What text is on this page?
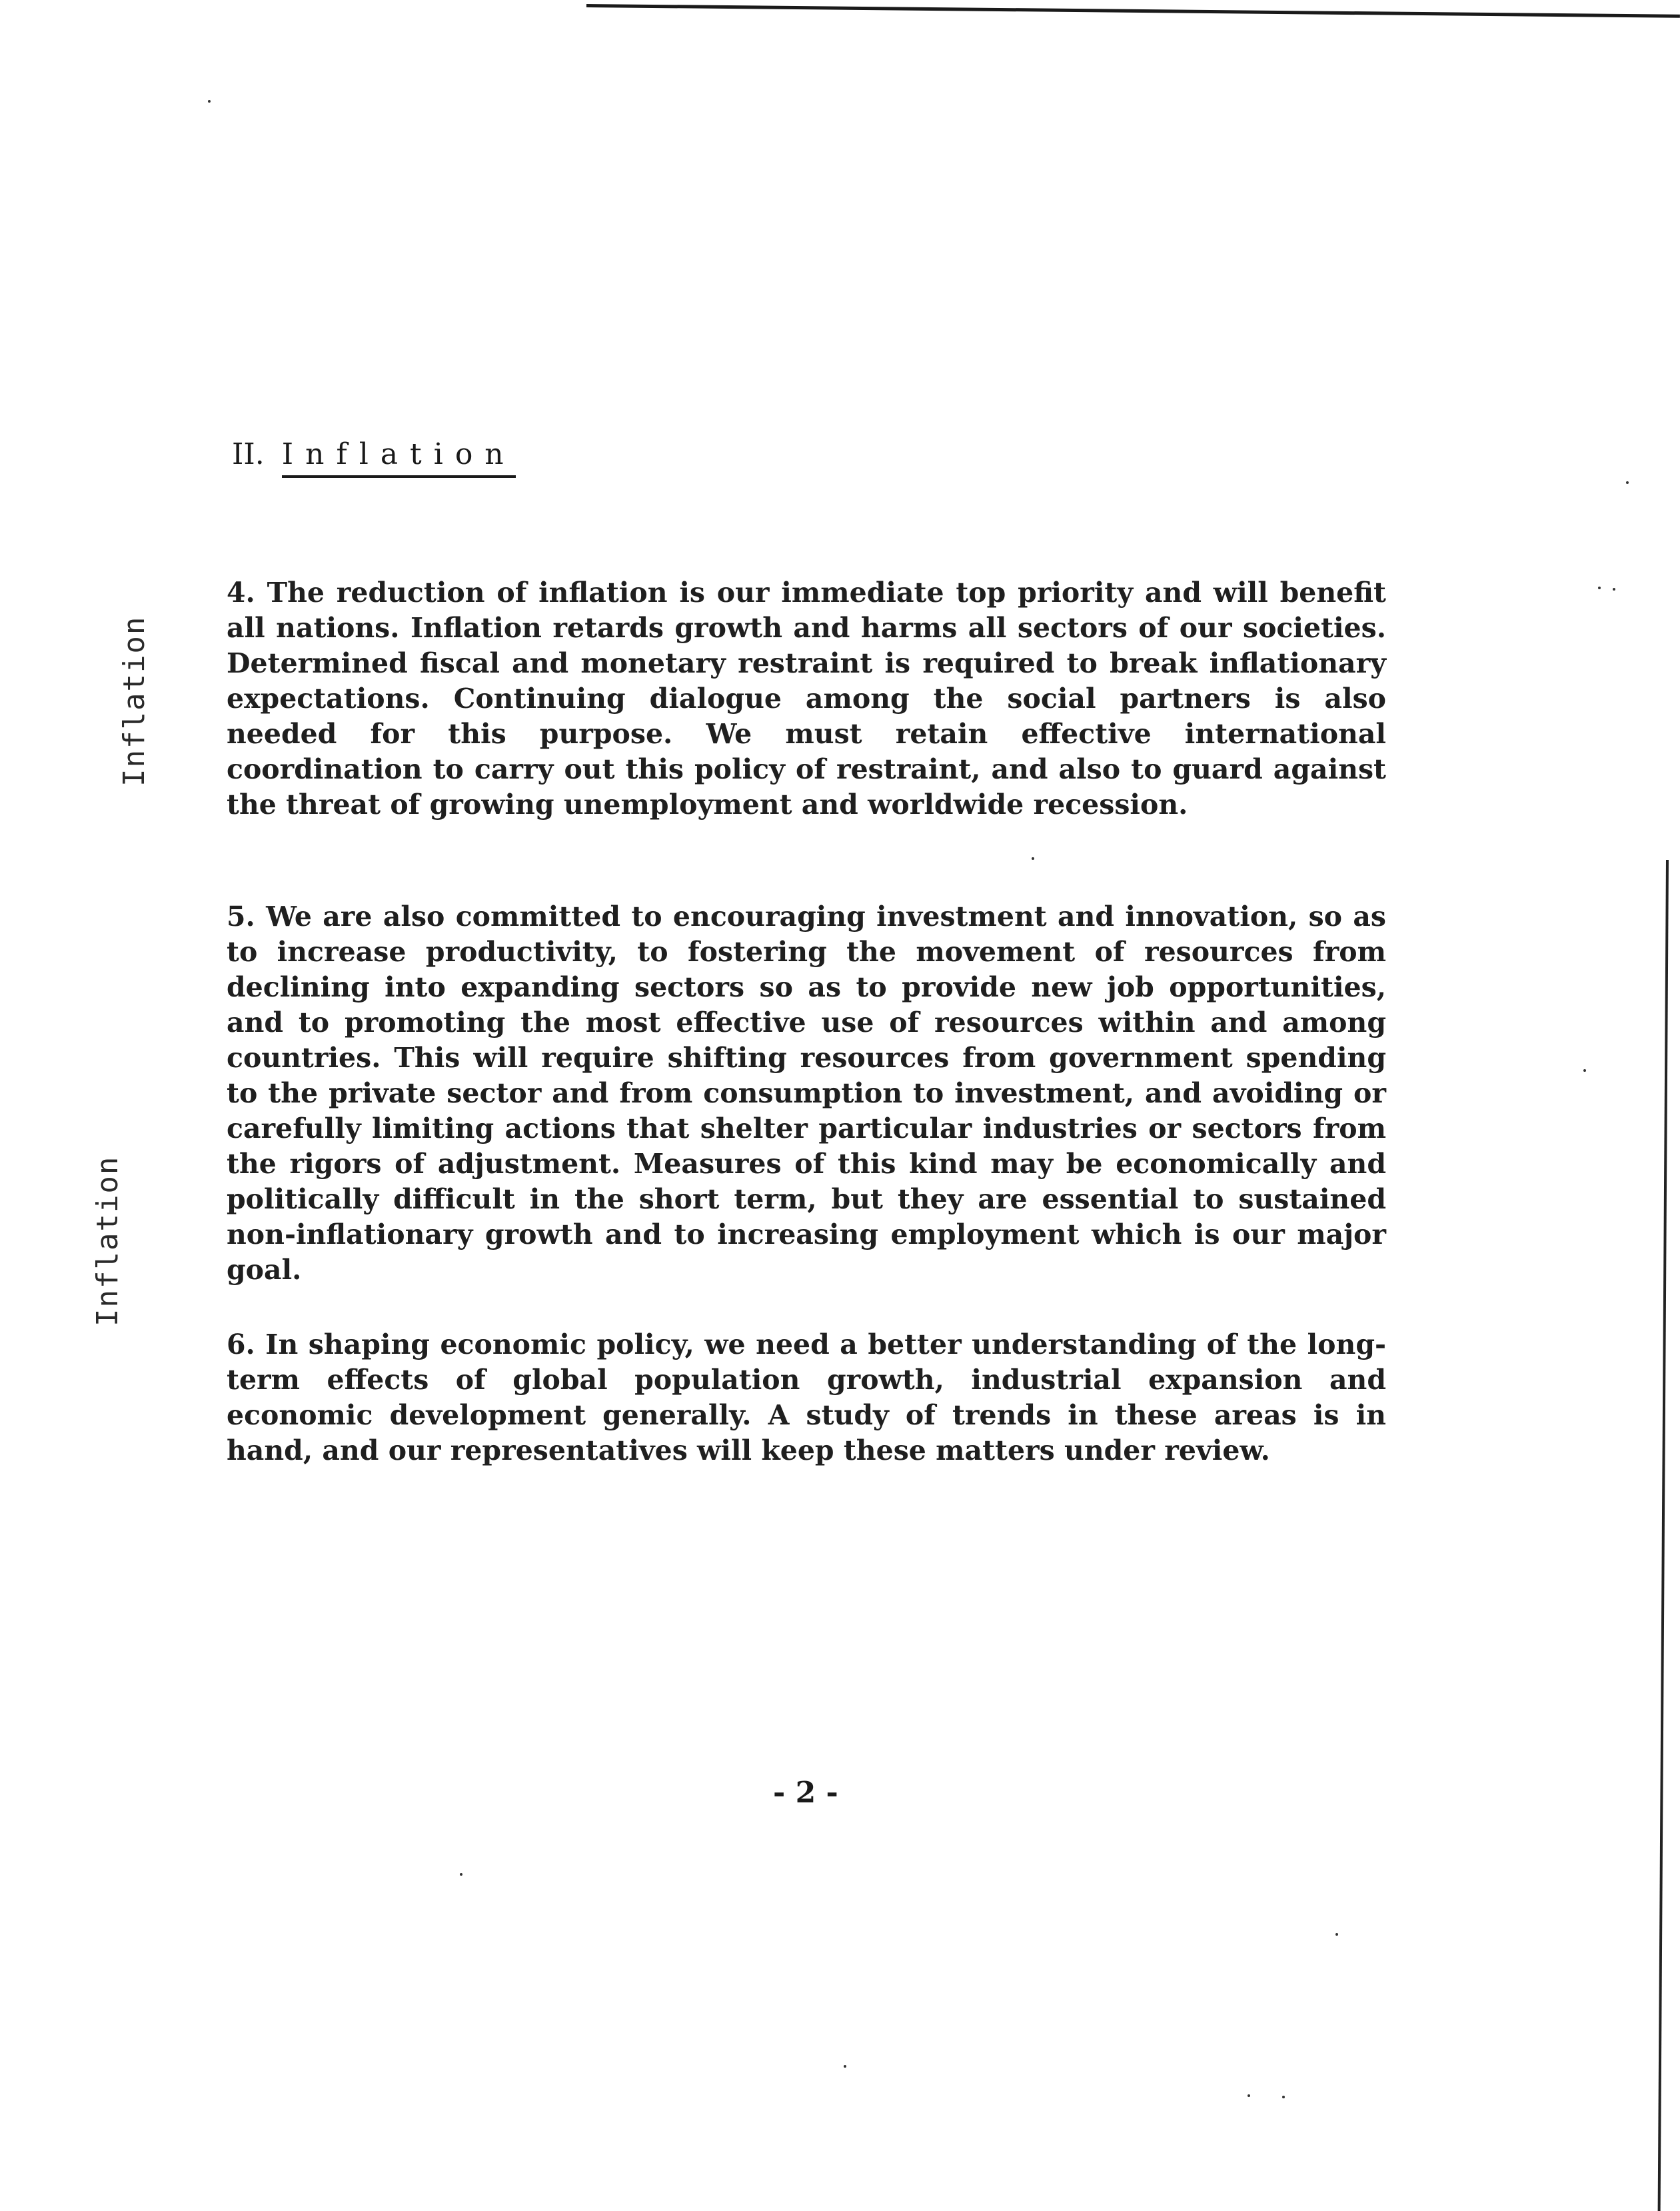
Inflation
Inflation
II. Inflation

4. The reduction of inflation is our immediate top priority and will benefit all nations. Inflation retards growth and harms all sectors of our societies. Determined fiscal and monetary restraint is required to break inflationary expectations. Continuing dialogue among the social partners is also needed for this purpose. We must retain effective international coordination to carry out this policy of restraint, and also to guard against the threat of growing unemployment and worldwide recession.

5. We are also committed to encouraging investment and innovation, so as to increase productivity, to fostering the movement of resources from declining into expanding sectors so as to provide new job opportunities, and to promoting the most effective use of resources within and among countries. This will require shifting resources from government spending to the private sector and from consumption to investment, and avoiding or carefully limiting actions that shelter particular industries or sectors from the rigors of adjustment. Measures of this kind may be economically and politically difficult in the short term, but they are essential to sustained non-inflationary growth and to increasing employment which is our major goal.

6. In shaping economic policy, we need a better understanding of the long-term effects of global population growth, industrial expansion and economic development generally. A study of trends in these areas is in hand, and our representatives will keep these matters under review.

- 2 -
